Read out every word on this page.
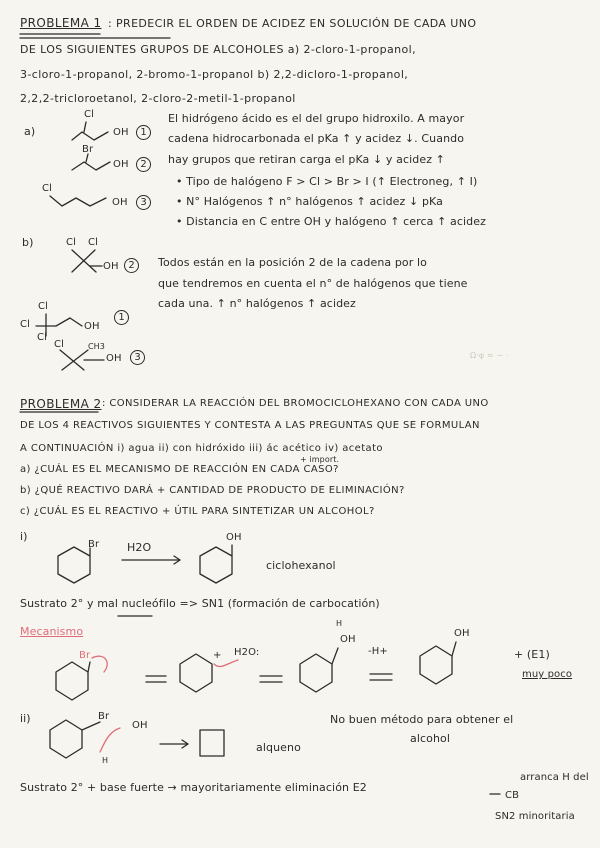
PROBLEMA 1 : PREDECIR EL ORDEN DE ACIDEZ EN SOLUCIÓN DE CADA UNO
DE LOS SIGUIENTES GRUPOS DE ALCOHOLES a) 2-cloro-1-propanol,
3-cloro-1-propanol, 2-bromo-1-propanol b) 2,2-dicloro-1-propanol,
2,2,2-tricloroetanol, 2-cloro-2-metil-1-propanol
a)
Cl
OH 1
Br
OH 2
Cl
OH 3
El hidrógeno ácido es el del grupo hidroxilo. A mayor
cadena hidrocarbonada el pKa ↑ y acidez ↓. Cuando
hay grupos que retiran carga el pKa ↓ y acidez ↑
• Tipo de halógeno F > Cl > Br > I (↑ Electroneg, ↑ I)
• N° Halógenos ↑ n° halógenos ↑ acidez ↓ pKa
• Distancia en C entre OH y halógeno ↑ cerca ↑ acidez
b)	Cl Cl
OH 2
Cl
Cl
Cl
OH
1
Cl	CH3
OH 3
Todos están en la posición 2 de la cadena por lo
que tendremos en cuenta el n° de halógenos que tiene
cada una. ↑ n° halógenos ↑ acidez
Ω·φ ≈ ∼ ·
PROBLEMA 2 : CONSIDERAR LA REACCIÓN DEL BROMOCICLOHEXANO CON CADA UNO
DE LOS 4 REACTIVOS SIGUIENTES Y CONTESTA A LAS PREGUNTAS QUE SE FORMULAN
A CONTINUACIÓN i) agua ii) con hidróxido iii) ác acético iv) acetato
+ import.
a) ¿CUÁL ES EL MECANISMO DE REACCIÓN EN CADA CASO?
b) ¿QUÉ REACTIVO DARÁ + CANTIDAD DE PRODUCTO DE ELIMINACIÓN?
c) ¿CUÁL ES EL REACTIVO + ÚTIL PARA SINTETIZAR UN ALCOHOL?
i)
Br	H2O
OH
ciclohexanol
Sustrato 2° y mal nucleófilo => SN1 (formación de carbocatión)
Mecanismo
Br	+ H2O:
H
OH
-H+
OH
+ (E1)
muy poco
ii)	Br
OH
H
alqueno
No buen método para obtener el
alcohol
Sustrato 2° + base fuerte → mayoritariamente eliminación E2
arranca H del
CB
SN2 minoritaria
